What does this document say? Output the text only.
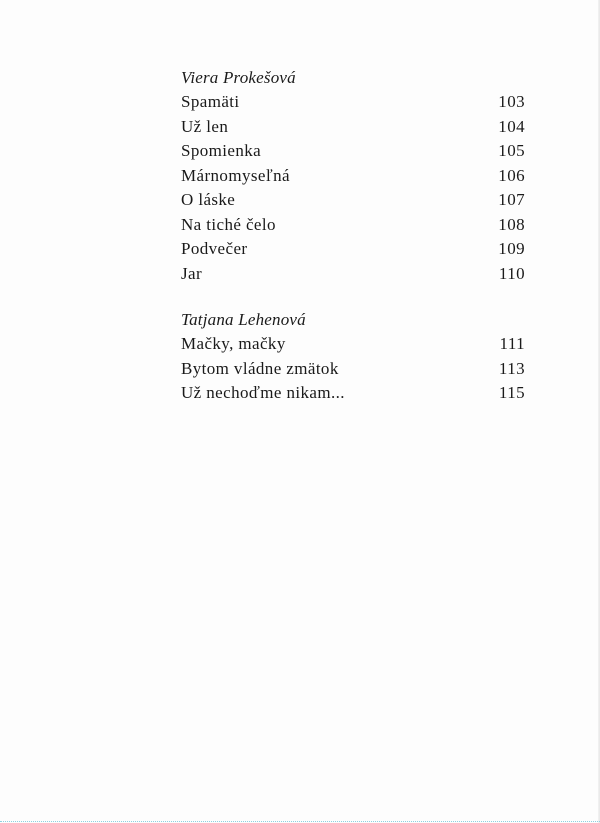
Viera Prokešová
Spamäti	103
Už len	104
Spomienka	105
Márnomyseľná	106
O láske	107
Na tiché čelo	108
Podvečer	109
Jar	110
Tatjana Lehenová
Mačky, mačky	111
Bytom vládne zmätok	113
Už nechoďme nikam...	115
